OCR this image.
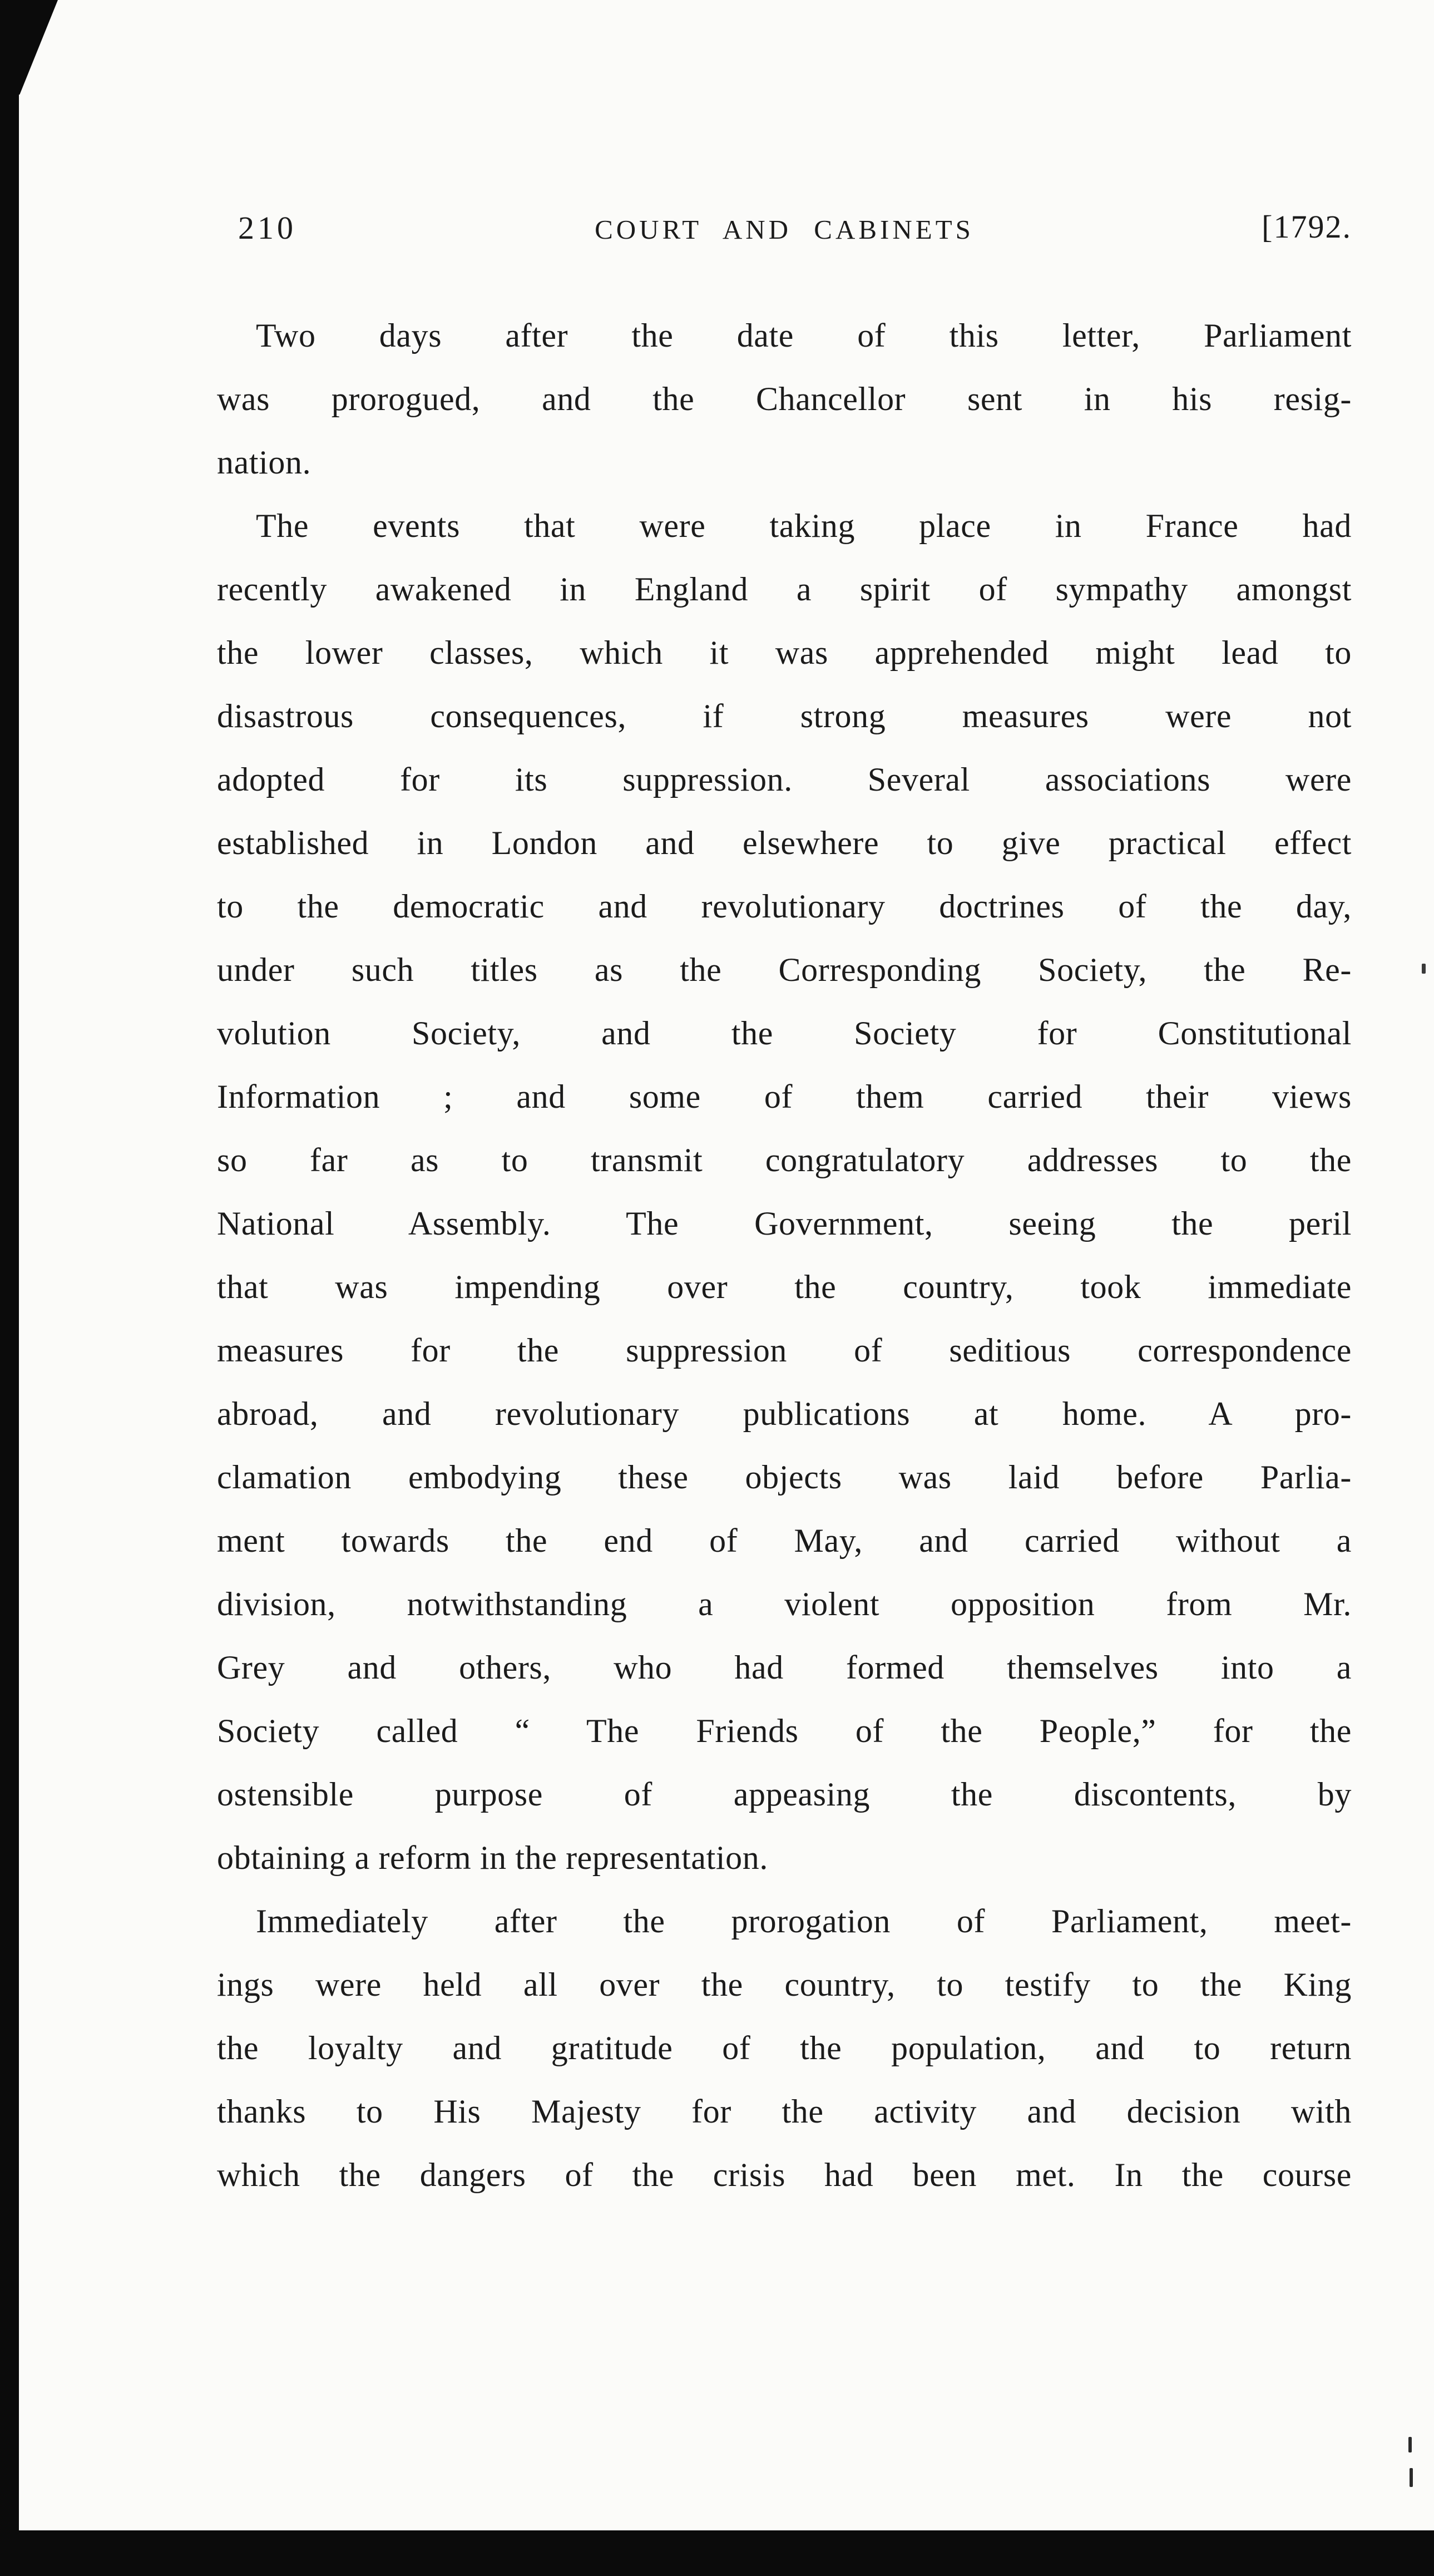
210	COURT AND CABINETS	[1792.
Two days after the date of this letter, Parliament
was prorogued, and the Chancellor sent in his resig-
nation.
The events that were taking place in France had
recently awakened in England a spirit of sympathy amongst
the lower classes, which it was apprehended might lead to
disastrous consequences, if strong measures were not
adopted for its suppression. Several associations were
established in London and elsewhere to give practical effect
to the democratic and revolutionary doctrines of the day,
under such titles as the Corresponding Society, the Re-
volution Society, and the Society for Constitutional
Information ; and some of them carried their views
so far as to transmit congratulatory addresses to the
National Assembly. The Government, seeing the peril
that was impending over the country, took immediate
measures for the suppression of seditious correspondence
abroad, and revolutionary publications at home. A pro-
clamation embodying these objects was laid before Parlia-
ment towards the end of May, and carried without a
division, notwithstanding a violent opposition from Mr.
Grey and others, who had formed themselves into a
Society called “ The Friends of the People,” for the
ostensible purpose of appeasing the discontents, by
obtaining a reform in the representation.
Immediately after the prorogation of Parliament, meet-
ings were held all over the country, to testify to the King
the loyalty and gratitude of the population, and to return
thanks to His Majesty for the activity and decision with
which the dangers of the crisis had been met. In the course
